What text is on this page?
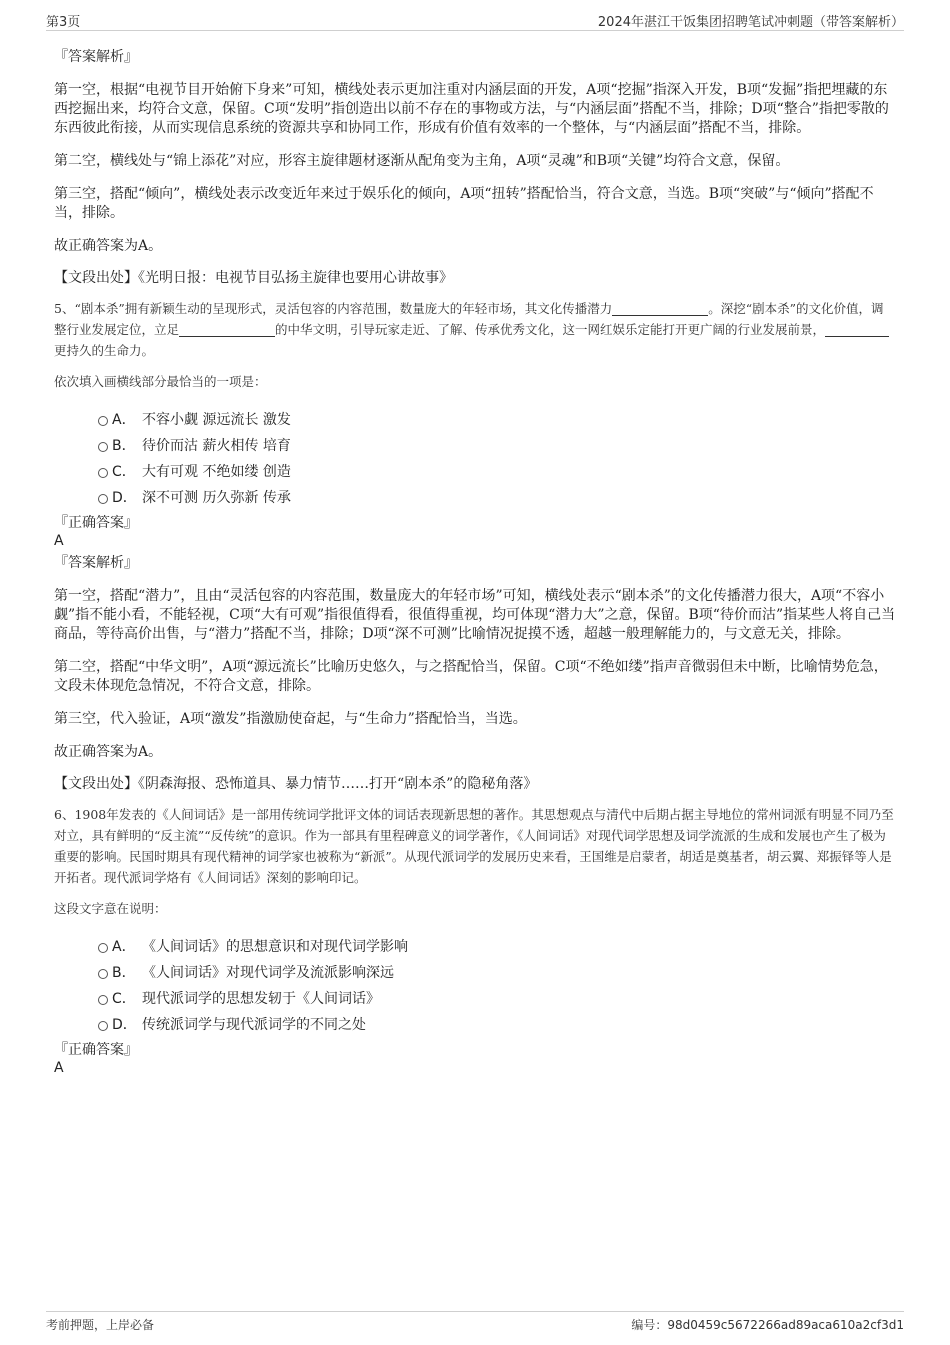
第3页	2024年湛江干饭集团招聘笔试冲刺题（带答案解析）

『答案解析』

第一空，根据“电视节目开始俯下身来”可知，横线处表示更加注重对内涵层面的开发，A项“挖掘”指深入开发，B项“发掘”指把埋藏的东西挖掘出来，均符合文意，保留。C项“发明”指创造出以前不存在的事物或方法，与“内涵层面”搭配不当，排除；D项“整合”指把零散的东西彼此衔接，从而实现信息系统的资源共享和协同工作，形成有价值有效率的一个整体，与“内涵层面”搭配不当，排除。

第二空，横线处与“锦上添花”对应，形容主旋律题材逐渐从配角变为主角，A项“灵魂”和B项“关键”均符合文意，保留。

第三空，搭配“倾向”，横线处表示改变近年来过于娱乐化的倾向，A项“扭转”搭配恰当，符合文意，当选。B项“突破”与“倾向”搭配不当，排除。

故正确答案为A。

【文段出处】《光明日报：电视节目弘扬主旋律也要用心讲故事》

5、“剧本杀”拥有新颖生动的呈现形式，灵活包容的内容范围，数量庞大的年轻市场，其文化传播潜力	。深挖“剧本杀”的文化价值，调整行业发展定位，立足	的中华文明，引导玩家走近、了解、传承优秀文化，这一网红娱乐定能打开更广阔的行业发展前景，更持久的生命力。

依次填入画横线部分最恰当的一项是：

A． 不容小觑 源远流长 激发
B． 待价而沽 薪火相传 培育
C． 大有可观 不绝如缕 创造
D． 深不可测 历久弥新 传承

『正确答案』

A

『答案解析』

第一空，搭配“潜力”，且由“灵活包容的内容范围，数量庞大的年轻市场”可知，横线处表示“剧本杀”的文化传播潜力很大，A项“不容小觑”指不能小看，不能轻视，C项“大有可观”指很值得看，很值得重视，均可体现“潜力大”之意，保留。B项“待价而沽”指某些人将自己当商品，等待高价出售，与“潜力”搭配不当，排除；D项“深不可测”比喻情况捉摸不透，超越一般理解能力的，与文意无关，排除。

第二空，搭配“中华文明”，A项“源远流长”比喻历史悠久，与之搭配恰当，保留。C项“不绝如缕”指声音微弱但未中断，比喻情势危急，文段未体现危急情况，不符合文意，排除。

第三空，代入验证，A项“激发”指激励使奋起，与“生命力”搭配恰当，当选。

故正确答案为A。

【文段出处】《阴森海报、恐怖道具、暴力情节……打开“剧本杀”的隐秘角落》

6、1908年发表的《人间词话》是一部用传统词学批评文体的词话表现新思想的著作。其思想观点与清代中后期占据主导地位的常州词派有明显不同乃至对立，具有鲜明的“反主流”“反传统”的意识。作为一部具有里程碑意义的词学著作，《人间词话》对现代词学思想及词学流派的生成和发展也产生了极为重要的影响。民国时期具有现代精神的词学家也被称为“新派”。从现代派词学的发展历史来看，王国维是启蒙者，胡适是奠基者，胡云翼、郑振铎等人是开拓者。现代派词学烙有《人间词话》深刻的影响印记。

这段文字意在说明：

A． 《人间词话》的思想意识和对现代词学影响
B． 《人间词话》对现代词学及流派影响深远
C． 现代派词学的思想发轫于《人间词话》
D． 传统派词学与现代派词学的不同之处

『正确答案』

A

考前押题，上岸必备	编号：98d0459c5672266ad89aca610a2cf3d1
